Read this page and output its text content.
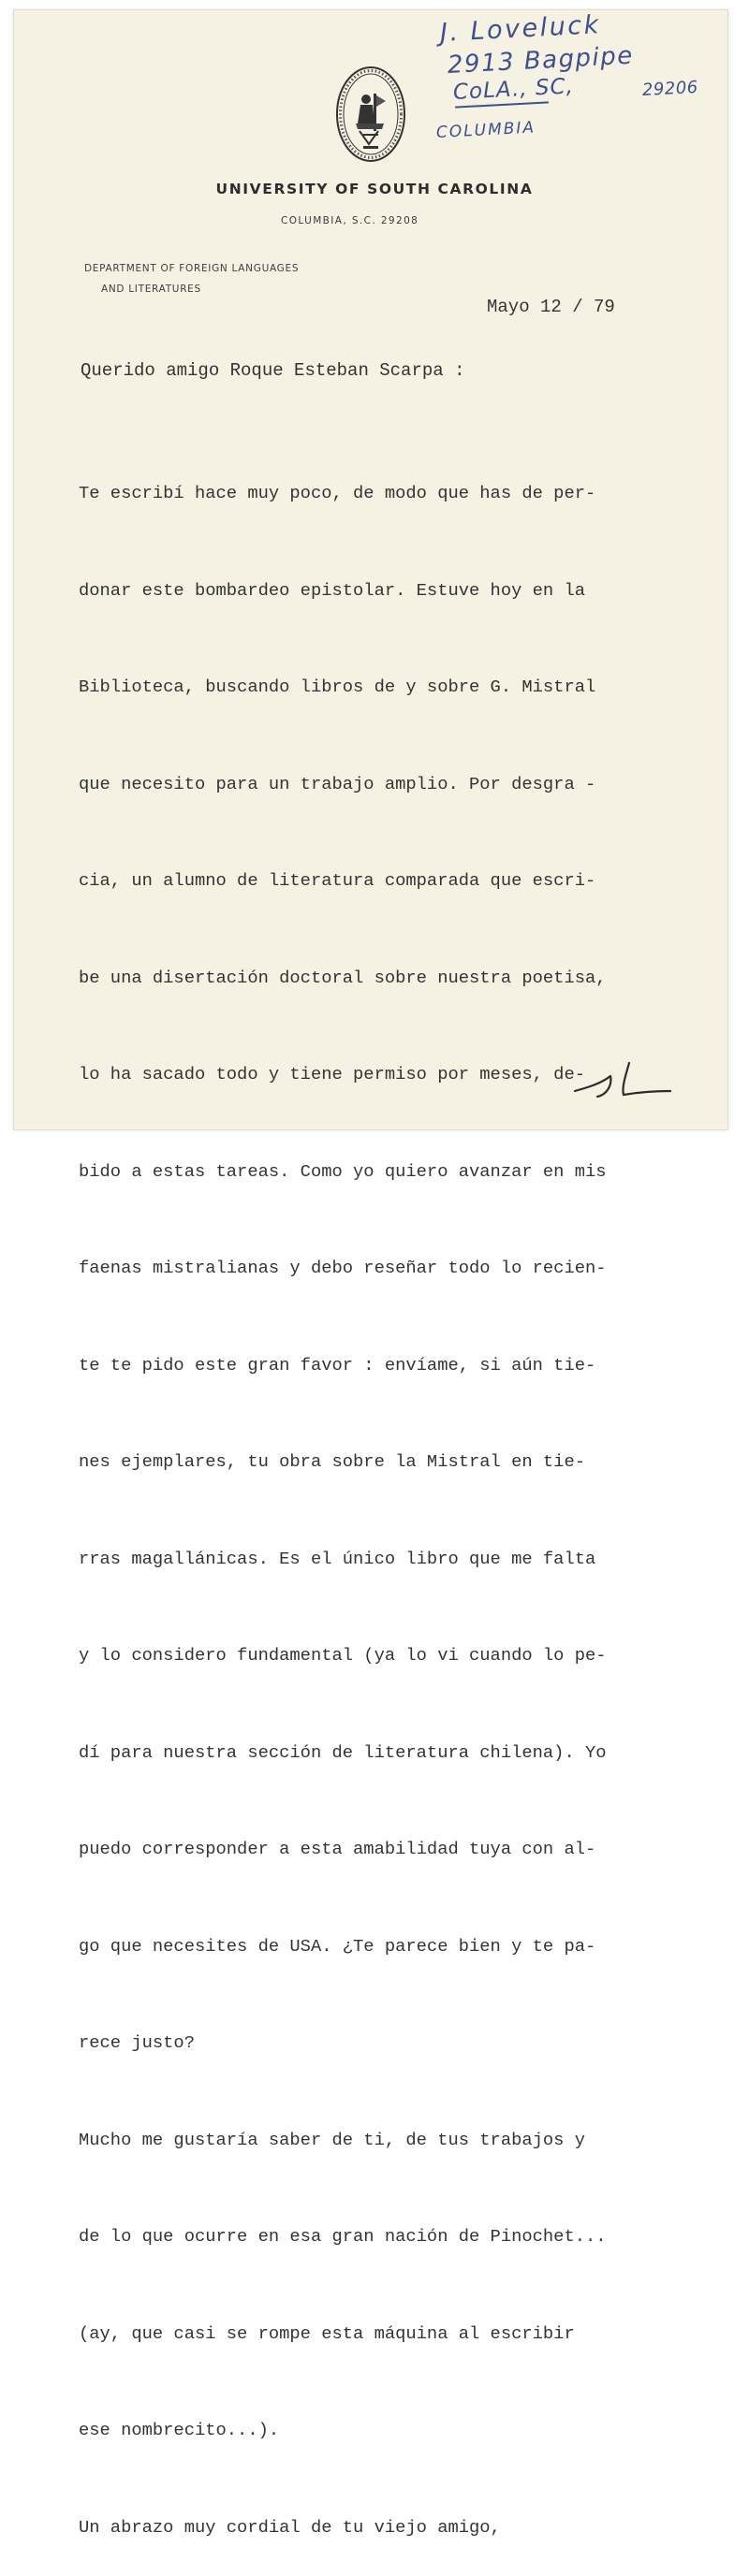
J. Loveluck
2913 Bagpipe
CoLA., SC,	29206
COLUMBIA
UNIVERSITY OF SOUTH CAROLINA
COLUMBIA, S.C. 29208
DEPARTMENT OF FOREIGN LANGUAGES
AND LITERATURES
Mayo 12 / 79
Querido amigo Roque Esteban Scarpa :

Te escribí hace muy poco, de modo que has de per-

donar este bombardeo epistolar. Estuve hoy en la

Biblioteca, buscando libros de y sobre G. Mistral

que necesito para un trabajo amplio. Por desgra -

cia, un alumno de literatura comparada que escri-

be una disertación doctoral sobre nuestra poetisa,

lo ha sacado todo y tiene permiso por meses, de-

bido a estas tareas. Como yo quiero avanzar en mis

faenas mistralianas y debo reseñar todo lo recien-

te te pido este gran favor : envíame, si aún tie-

nes ejemplares, tu obra sobre la Mistral en tie-

rras magallánicas. Es el único libro que me falta

y lo considero fundamental (ya lo vi cuando lo pe-

dí para nuestra sección de literatura chilena). Yo

puedo corresponder a esta amabilidad tuya con al-

go que necesites de USA. ¿Te parece bien y te pa-

rece justo?

Mucho me gustaría saber de ti, de tus trabajos y

de lo que ocurre en esa gran nación de Pinochet...

(ay, que casi se rompe esta máquina al escribir

ese nombrecito...).

Un abrazo muy cordial de tu viejo amigo,
